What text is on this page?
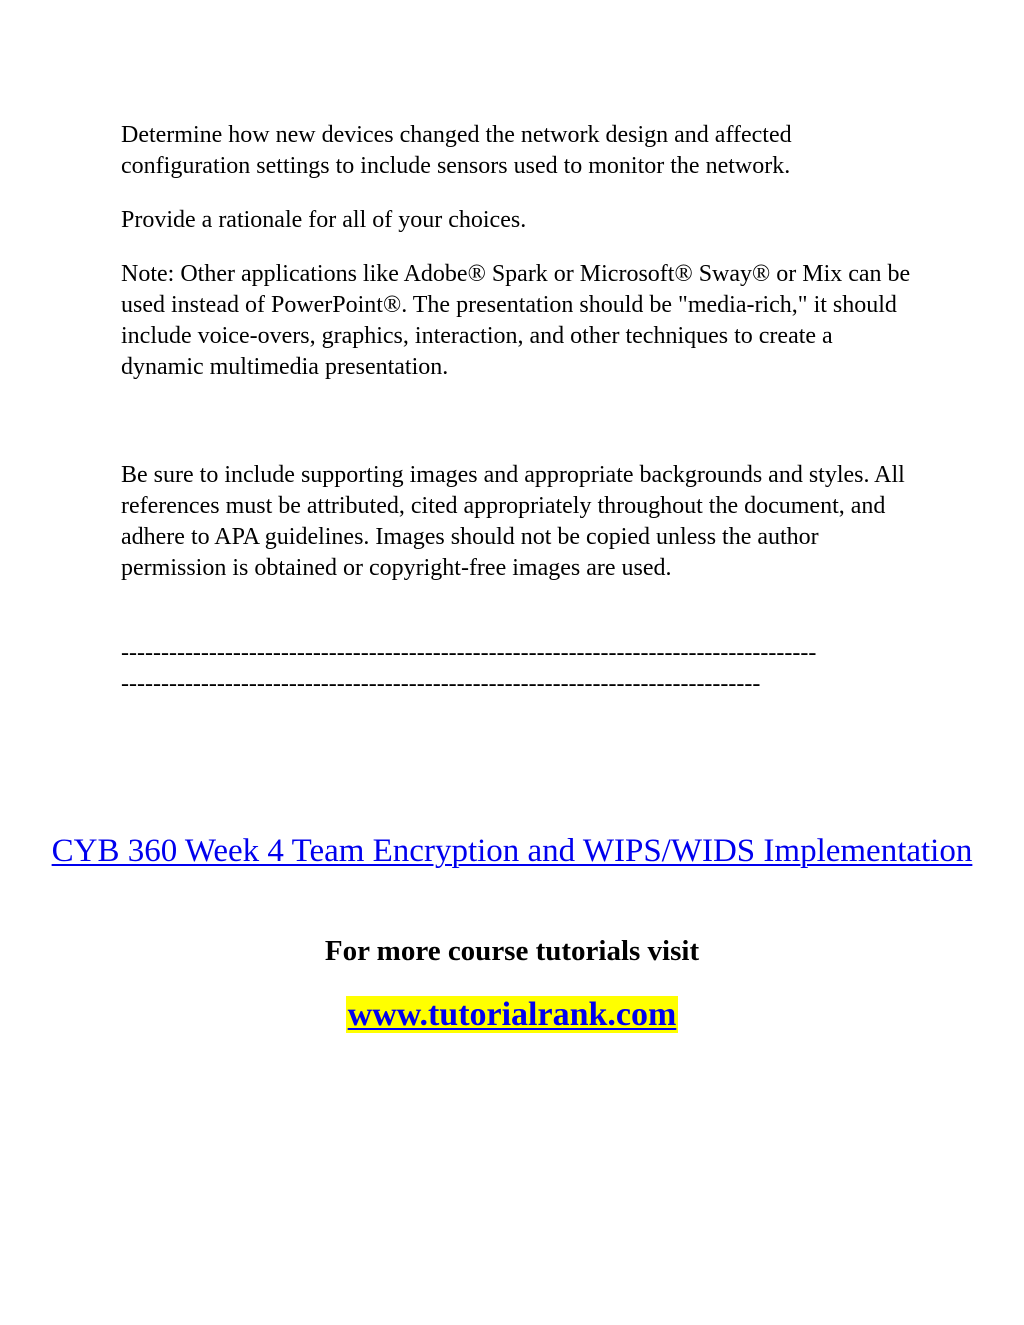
Determine how new devices changed the network design and affected configuration settings to include sensors used to monitor the network.

Provide a rationale for all of your choices.

Note: Other applications like Adobe® Spark or Microsoft® Sway® or Mix can be used instead of PowerPoint®. The presentation should be "media-rich," it should include voice-overs, graphics, interaction, and other techniques to create a dynamic multimedia presentation.

Be sure to include supporting images and appropriate backgrounds and styles. All references must be attributed, cited appropriately throughout the document, and adhere to APA guidelines. Images should not be copied unless the author permission is obtained or copyright-free images are used.

---------------------------------------------------------------------------------------

--------------------------------------------------------------------------------

CYB 360 Week 4 Team Encryption and WIPS/WIDS Implementation

For more course tutorials visit

www.tutorialrank.com
